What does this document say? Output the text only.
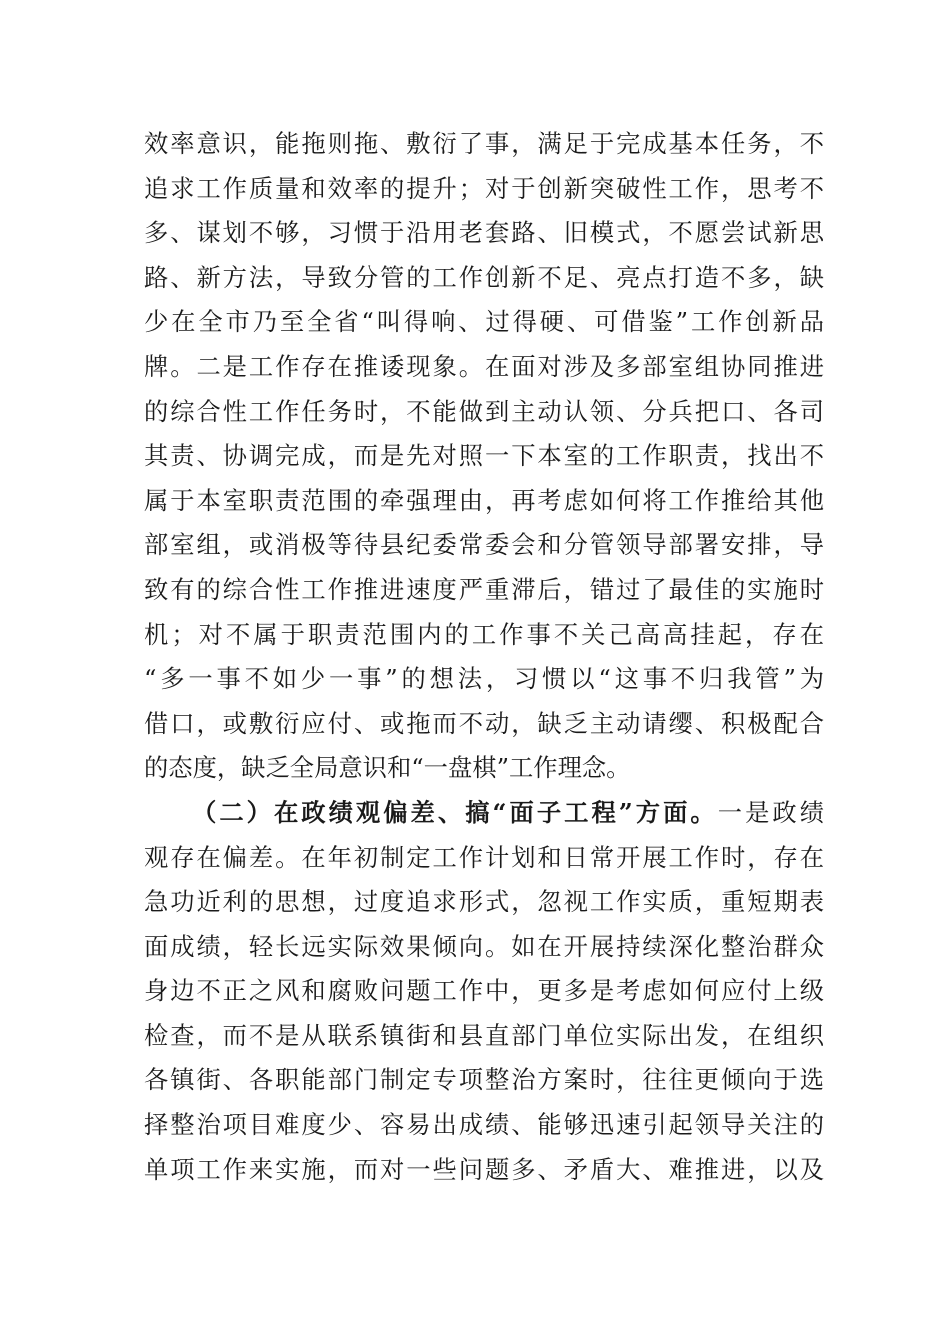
效率意识，能拖则拖、敷衍了事，满足于完成基本任务，不
追求工作质量和效率的提升；对于创新突破性工作，思考不
多、谋划不够，习惯于沿用老套路、旧模式，不愿尝试新思
路、新方法，导致分管的工作创新不足、亮点打造不多，缺
少在全市乃至全省“叫得响、过得硬、可借鉴”工作创新品
牌。二是工作存在推诿现象。在面对涉及多部室组协同推进
的综合性工作任务时，不能做到主动认领、分兵把口、各司
其责、协调完成，而是先对照一下本室的工作职责，找出不
属于本室职责范围的牵强理由，再考虑如何将工作推给其他
部室组，或消极等待县纪委常委会和分管领导部署安排，导
致有的综合性工作推进速度严重滞后，错过了最佳的实施时
机；对不属于职责范围内的工作事不关己高高挂起，存在
“多一事不如少一事”的想法，习惯以“这事不归我管”为
借口，或敷衍应付、或拖而不动，缺乏主动请缨、积极配合
的态度，缺乏全局意识和“一盘棋”工作理念。
（二）在政绩观偏差、搞“面子工程”方面。一是政绩
观存在偏差。在年初制定工作计划和日常开展工作时，存在
急功近利的思想，过度追求形式，忽视工作实质，重短期表
面成绩，轻长远实际效果倾向。如在开展持续深化整治群众
身边不正之风和腐败问题工作中，更多是考虑如何应付上级
检查，而不是从联系镇街和县直部门单位实际出发，在组织
各镇街、各职能部门制定专项整治方案时，往往更倾向于选
择整治项目难度少、容易出成绩、能够迅速引起领导关注的
单项工作来实施，而对一些问题多、矛盾大、难推进，以及
